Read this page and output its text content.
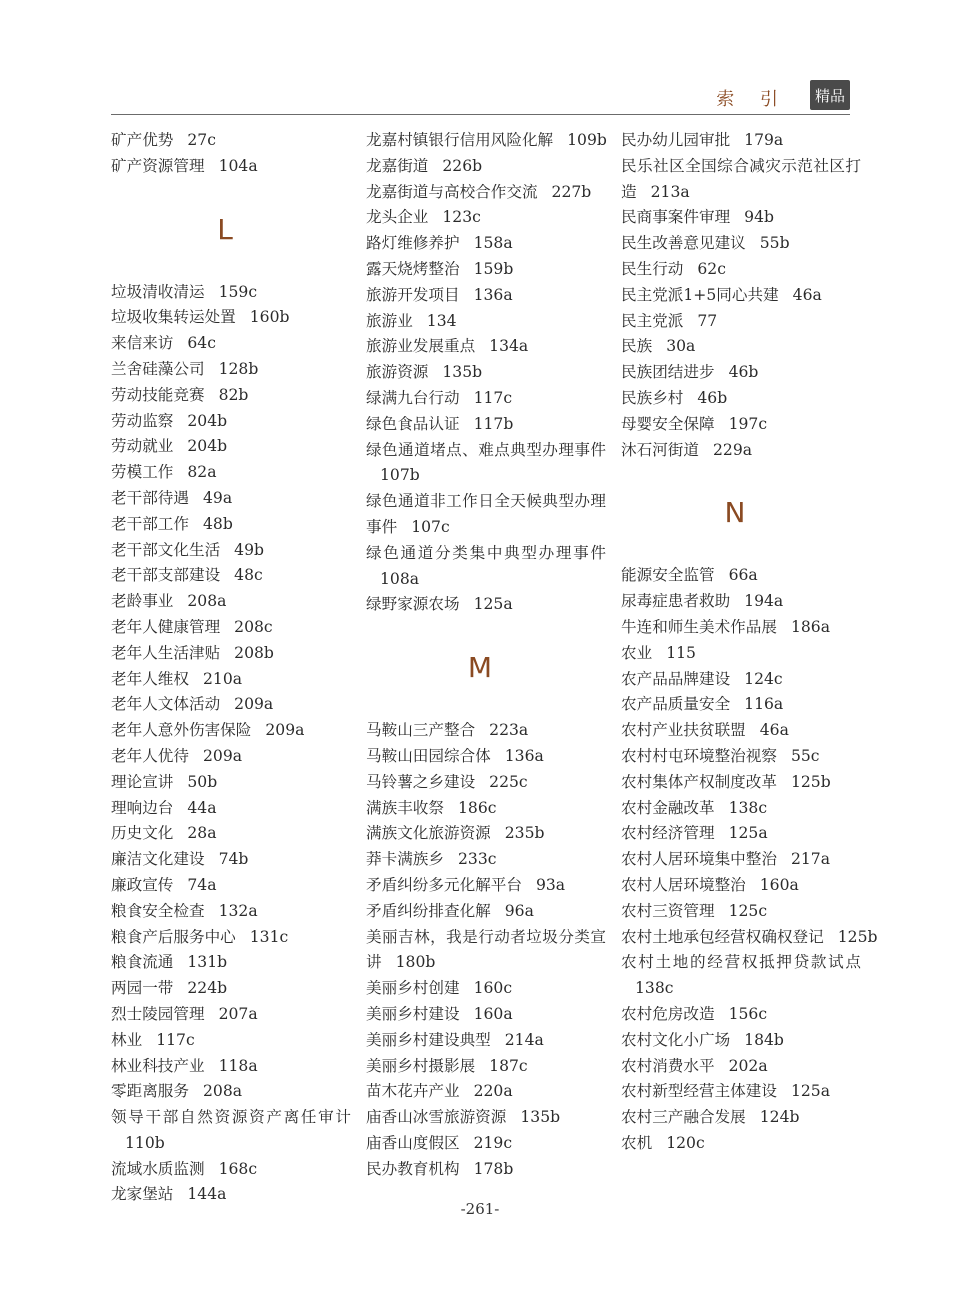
索 引	精品

矿产优势 27c

矿产资源管理 104a

L

垃圾清收清运 159c

垃圾收集转运处置 160b

来信来访 64c

兰舍硅藻公司 128b

劳动技能竞赛 82b

劳动监察 204b

劳动就业 204b

劳模工作 82a

老干部待遇 49a

老干部工作 48b

老干部文化生活 49b

老干部支部建设 48c

老龄事业 208a

老年人健康管理 208c

老年人生活津贴 208b

老年人维权 210a

老年人文体活动 209a

老年人意外伤害保险 209a

老年人优待 209a

理论宣讲 50b

理响边台 44a

历史文化 28a

廉洁文化建设 74b

廉政宣传 74a

粮食安全检查 132a

粮食产后服务中心 131c

粮食流通 131b

两园一带 224b

烈士陵园管理 207a

林业 117c

林业科技产业 118a

零距离服务 208a

领导干部自然资源资产离任审计110b

流域水质监测 168c

龙家堡站 144a

龙嘉村镇银行信用风险化解 109b

龙嘉街道 226b

龙嘉街道与高校合作交流 227b

龙头企业 123c

路灯维修养护 158a

露天烧烤整治 159b

旅游开发项目 136a

旅游业 134

旅游业发展重点 134a

旅游资源 135b

绿满九台行动 117c

绿色食品认证 117b

绿色通道堵点、难点典型办理事件107b

绿色通道非工作日全天候典型办理事件 107c

绿色通道分类集中典型办理事件108a

绿野家源农场 125a

M

马鞍山三产整合 223a

马鞍山田园综合体 136a

马铃薯之乡建设 225c

满族丰收祭 186c

满族文化旅游资源 235b

莽卡满族乡 233c

矛盾纠纷多元化解平台 93a

矛盾纠纷排查化解 96a

美丽吉林，我是行动者垃圾分类宣讲 180b

美丽乡村创建 160c

美丽乡村建设 160a

美丽乡村建设典型 214a

美丽乡村摄影展 187c

苗木花卉产业 220a

庙香山冰雪旅游资源 135b

庙香山度假区 219c

民办教育机构 178b

民办幼儿园审批 179a

民乐社区全国综合减灾示范社区打造 213a

民商事案件审理 94b

民生改善意见建议 55b

民生行动 62c

民主党派1+5同心共建 46a

民主党派 77

民族 30a

民族团结进步 46b

民族乡村 46b

母婴安全保障 197c

沐石河街道 229a

N

能源安全监管 66a

尿毒症患者救助 194a

牛连和师生美术作品展 186a

农业 115

农产品品牌建设 124c

农产品质量安全 116a

农村产业扶贫联盟 46a

农村村屯环境整治视察 55c

农村集体产权制度改革 125b

农村金融改革 138c

农村经济管理 125a

农村人居环境集中整治 217a

农村人居环境整治 160a

农村三资管理 125c

农村土地承包经营权确权登记 125b

农村土地的经营权抵押贷款试点138c

农村危房改造 156c

农村文化小广场 184b

农村消费水平 202a

农村新型经营主体建设 125a

农村三产融合发展 124b

农机 120c

-261-
